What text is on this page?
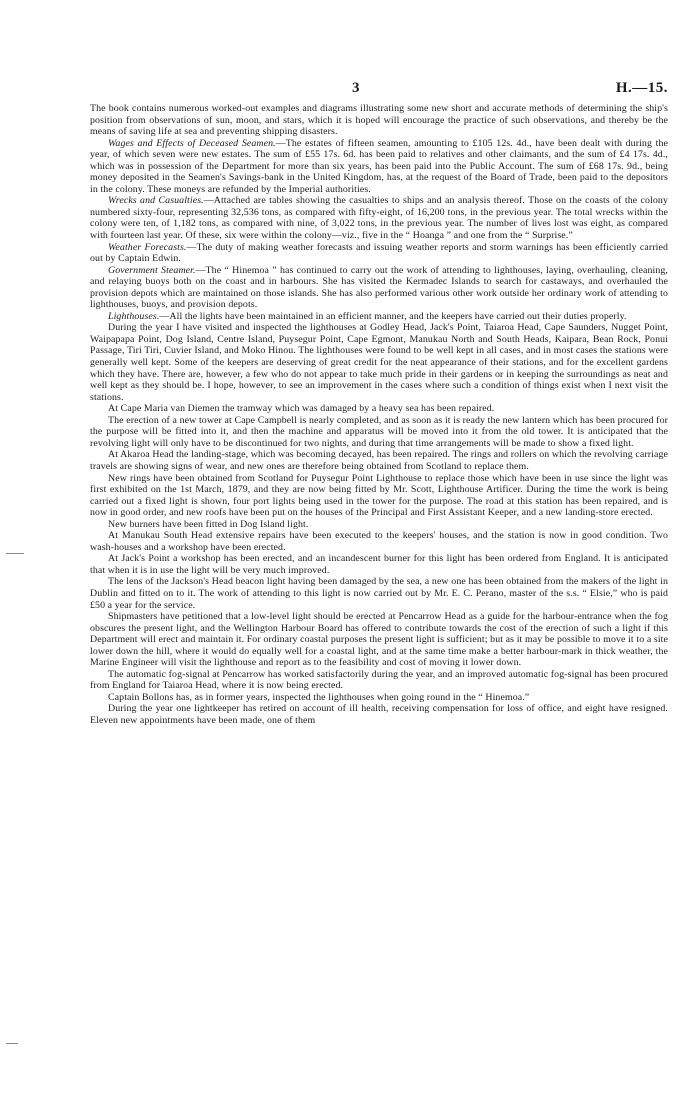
3	H.—15.

The book contains numerous worked-out examples and diagrams illustrating some new short and accurate methods of determining the ship's position from observations of sun, moon, and stars, which it is hoped will encourage the practice of such observations, and thereby be the means of saving life at sea and preventing shipping disasters.

Wages and Effects of Deceased Seamen.—The estates of fifteen seamen, amounting to £105 12s. 4d., have been dealt with during the year, of which seven were new estates. The sum of £55 17s. 6d. has been paid to relatives and other claimants, and the sum of £4 17s. 4d., which was in possession of the Department for more than six years, has been paid into the Public Account. The sum of £68 17s. 9d., being money deposited in the Seamen's Savings-bank in the United Kingdom, has, at the request of the Board of Trade, been paid to the depositors in the colony. These moneys are refunded by the Imperial authorities.

Wrecks and Casualties.—Attached are tables showing the casualties to ships and an analysis thereof. Those on the coasts of the colony numbered sixty-four, representing 32,536 tons, as compared with fifty-eight, of 16,200 tons, in the previous year. The total wrecks within the colony were ten, of 1,182 tons, as compared with nine, of 3,022 tons, in the previous year. The number of lives lost was eight, as compared with fourteen last year. Of these, six were within the colony—viz., five in the “ Hoanga ” and one from the “ Surprise.”

Weather Forecasts.—The duty of making weather forecasts and issuing weather reports and storm warnings has been efficiently carried out by Captain Edwin.

Government Steamer.—The “ Hinemoa ” has continued to carry out the work of attending to lighthouses, laying, overhauling, cleaning, and relaying buoys both on the coast and in harbours. She has visited the Kermadec Islands to search for castaways, and overhauled the provision depots which are maintained on those islands. She has also performed various other work outside her ordinary work of attending to lighthouses, buoys, and provision depots.

Lighthouses.—All the lights have been maintained in an efficient manner, and the keepers have carried out their duties properly.

During the year I have visited and inspected the lighthouses at Godley Head, Jack's Point, Taiaroa Head, Cape Saunders, Nugget Point, Waipapapa Point, Dog Island, Centre Island, Puysegur Point, Cape Egmont, Manukau North and South Heads, Kaipara, Bean Rock, Ponui Passage, Tiri Tiri, Cuvier Island, and Moko Hinou. The lighthouses were found to be well kept in all cases, and in most cases the stations were generally well kept. Some of the keepers are deserving of great credit for the neat appearance of their stations, and for the excellent gardens which they have. There are, however, a few who do not appear to take much pride in their gardens or in keeping the surroundings as neat and well kept as they should be. I hope, however, to see an improvement in the cases where such a condition of things exist when I next visit the stations.

At Cape Maria van Diemen the tramway which was damaged by a heavy sea has been repaired.

The erection of a new tower at Cape Campbell is nearly completed, and as soon as it is ready the new lantern which has been procured for the purpose will be fitted into it, and then the machine and apparatus will be moved into it from the old tower. It is anticipated that the revolving light will only have to be discontinued for two nights, and during that time arrangements will be made to show a fixed light.

At Akaroa Head the landing-stage, which was becoming decayed, has been repaired. The rings and rollers on which the revolving carriage travels are showing signs of wear, and new ones are therefore being obtained from Scotland to replace them.

New rings have been obtained from Scotland for Puysegur Point Lighthouse to replace those which have been in use since the light was first exhibited on the 1st March, 1879, and they are now being fitted by Mr. Scott, Lighthouse Artificer. During the time the work is being carried out a fixed light is shown, four port lights being used in the tower for the purpose. The road at this station has been repaired, and is now in good order, and new roofs have been put on the houses of the Principal and First Assistant Keeper, and a new landing-store erected.

New burners have been fitted in Dog Island light.

At Manukau South Head extensive repairs have been executed to the keepers' houses, and the station is now in good condition. Two wash-houses and a workshop have been erected.

At Jack's Point a workshop has been erected, and an incandescent burner for this light has been ordered from England. It is anticipated that when it is in use the light will be very much improved.

The lens of the Jackson's Head beacon light having been damaged by the sea, a new one has been obtained from the makers of the light in Dublin and fitted on to it. The work of attending to this light is now carried out by Mr. E. C. Perano, master of the s.s. “ Elsie,” who is paid £50 a year for the service.

Shipmasters have petitioned that a low-level light should be erected at Pencarrow Head as a guide for the harbour-entrance when the fog obscures the present light, and the Wellington Harbour Board has offered to contribute towards the cost of the erection of such a light if this Department will erect and maintain it. For ordinary coastal purposes the present light is sufficient; but as it may be possible to move it to a site lower down the hill, where it would do equally well for a coastal light, and at the same time make a better harbour-mark in thick weather, the Marine Engineer will visit the lighthouse and report as to the feasibility and cost of moving it lower down.

The automatic fog-signal at Pencarrow has worked satisfactorily during the year, and an improved automatic fog-signal has been procured from England for Taiaroa Head, where it is now being erected.

Captain Bollons has, as in former years, inspected the lighthouses when going round in the “ Hinemoa.”

During the year one lightkeeper has retired on account of ill health, receiving compensation for loss of office, and eight have resigned. Eleven new appointments have been made, one of them
